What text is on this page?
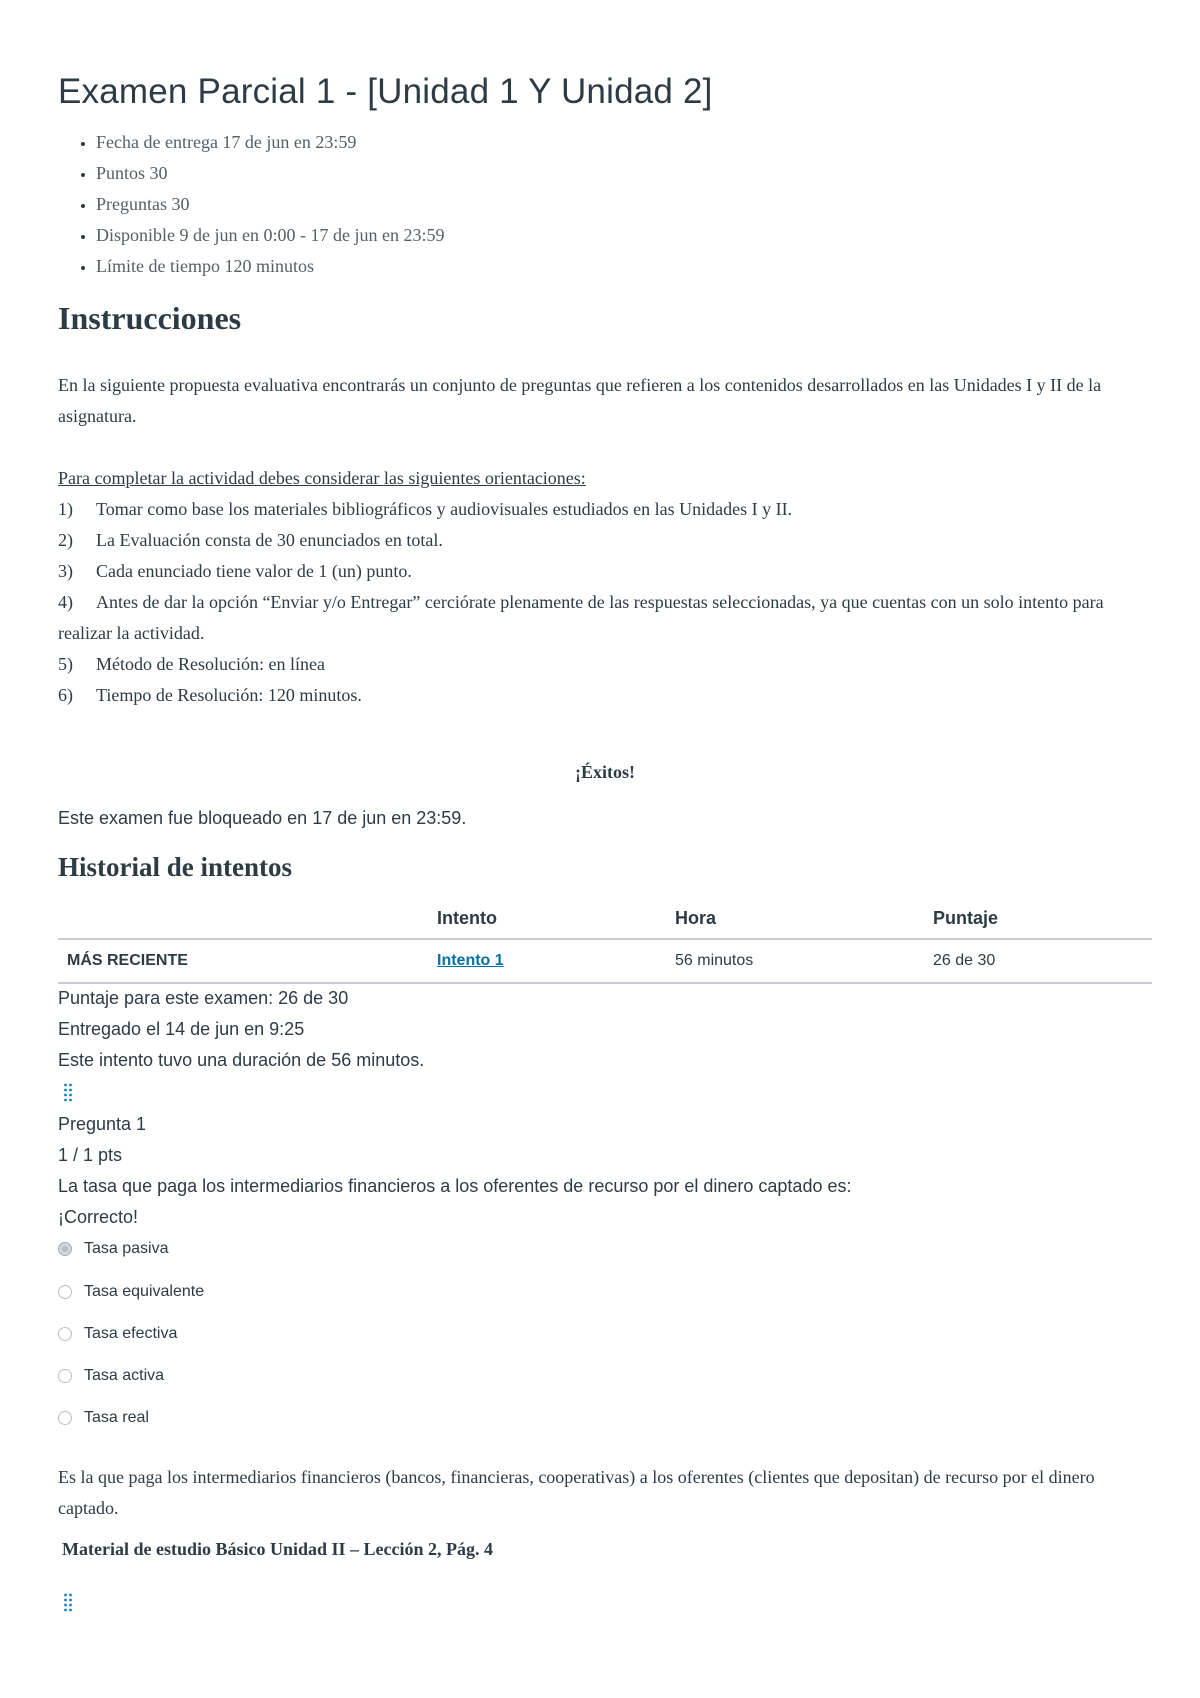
Examen Parcial 1 - [Unidad 1 Y Unidad 2]
• Fecha de entrega 17 de jun en 23:59
• Puntos 30
• Preguntas 30
• Disponible 9 de jun en 0:00 - 17 de jun en 23:59
• Límite de tiempo 120 minutos
Instrucciones

En la siguiente propuesta evaluativa encontrarás un conjunto de preguntas que refieren a los contenidos desarrollados en las Unidades I y II de la asignatura.

Para completar la actividad debes considerar las siguientes orientaciones:

1) Tomar como base los materiales bibliográficos y audiovisuales estudiados en las Unidades I y II.
2) La Evaluación consta de 30 enunciados en total.
3) Cada enunciado tiene valor de 1 (un) punto.
4) Antes de dar la opción “Enviar y/o Entregar” cerciórate plenamente de las respuestas seleccionadas, ya que cuentas con un solo intento para realizar la actividad.
5) Método de Resolución: en línea
6) Tiempo de Resolución: 120 minutos.

¡Éxitos!

Este examen fue bloqueado en 17 de jun en 23:59.
Historial de intentos
	Intento	Hora	Puntaje
MÁS RECIENTE	Intento 1	56 minutos	26 de 30
Puntaje para este examen: 26 de 30
Entregado el 14 de jun en 9:25
Este intento tuvo una duración de 56 minutos.
Pregunta 1
1 / 1 pts
La tasa que paga los intermediarios financieros a los oferentes de recurso por el dinero captado es:
¡Correcto!
Tasa pasiva
Tasa equivalente
Tasa efectiva
Tasa activa
Tasa real

Es la que paga los intermediarios financieros (bancos, financieras, cooperativas) a los oferentes (clientes que depositan) de recurso por el dinero captado.

Material de estudio Básico Unidad II – Lección 2, Pág. 4
